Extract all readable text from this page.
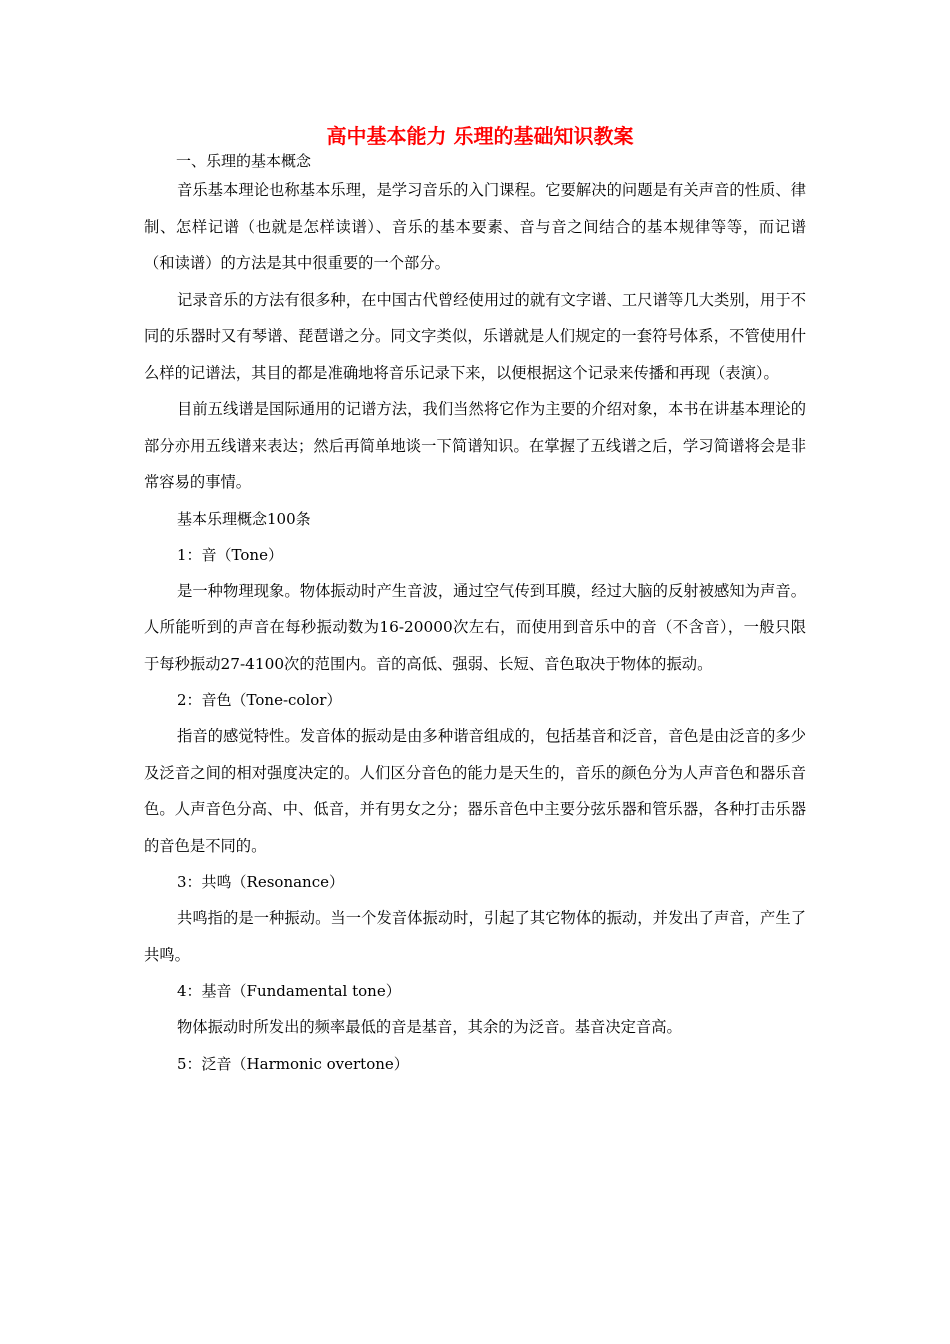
高中基本能力 乐理的基础知识教案

一、乐理的基本概念

音乐基本理论也称基本乐理，是学习音乐的入门课程。它要解决的问题是有关声音的性质、律制、怎样记谱（也就是怎样读谱）、音乐的基本要素、音与音之间结合的基本规律等等，而记谱（和读谱）的方法是其中很重要的一个部分。

记录音乐的方法有很多种，在中国古代曾经使用过的就有文字谱、工尺谱等几大类别，用于不同的乐器时又有琴谱、琵琶谱之分。同文字类似，乐谱就是人们规定的一套符号体系，不管使用什么样的记谱法，其目的都是准确地将音乐记录下来，以便根据这个记录来传播和再现（表演）。

目前五线谱是国际通用的记谱方法，我们当然将它作为主要的介绍对象，本书在讲基本理论的部分亦用五线谱来表达；然后再简单地谈一下简谱知识。在掌握了五线谱之后，学习简谱将会是非常容易的事情。

基本乐理概念100条

1：音（Tone）

是一种物理现象。物体振动时产生音波，通过空气传到耳膜，经过大脑的反射被感知为声音。人所能听到的声音在每秒振动数为16-20000次左右，而使用到音乐中的音（不含音），一般只限于每秒振动27-4100次的范围内。音的高低、强弱、长短、音色取决于物体的振动。

2：音色（Tone-color）

指音的感觉特性。发音体的振动是由多种谐音组成的，包括基音和泛音，音色是由泛音的多少及泛音之间的相对强度决定的。人们区分音色的能力是天生的，音乐的颜色分为人声音色和器乐音色。人声音色分高、中、低音，并有男女之分；器乐音色中主要分弦乐器和管乐器，各种打击乐器的音色是不同的。

3：共鸣（Resonance）

共鸣指的是一种振动。当一个发音体振动时，引起了其它物体的振动，并发出了声音，产生了共鸣。

4：基音（Fundamental tone）

物体振动时所发出的频率最低的音是基音，其余的为泛音。基音决定音高。

5：泛音（Harmonic overtone）
